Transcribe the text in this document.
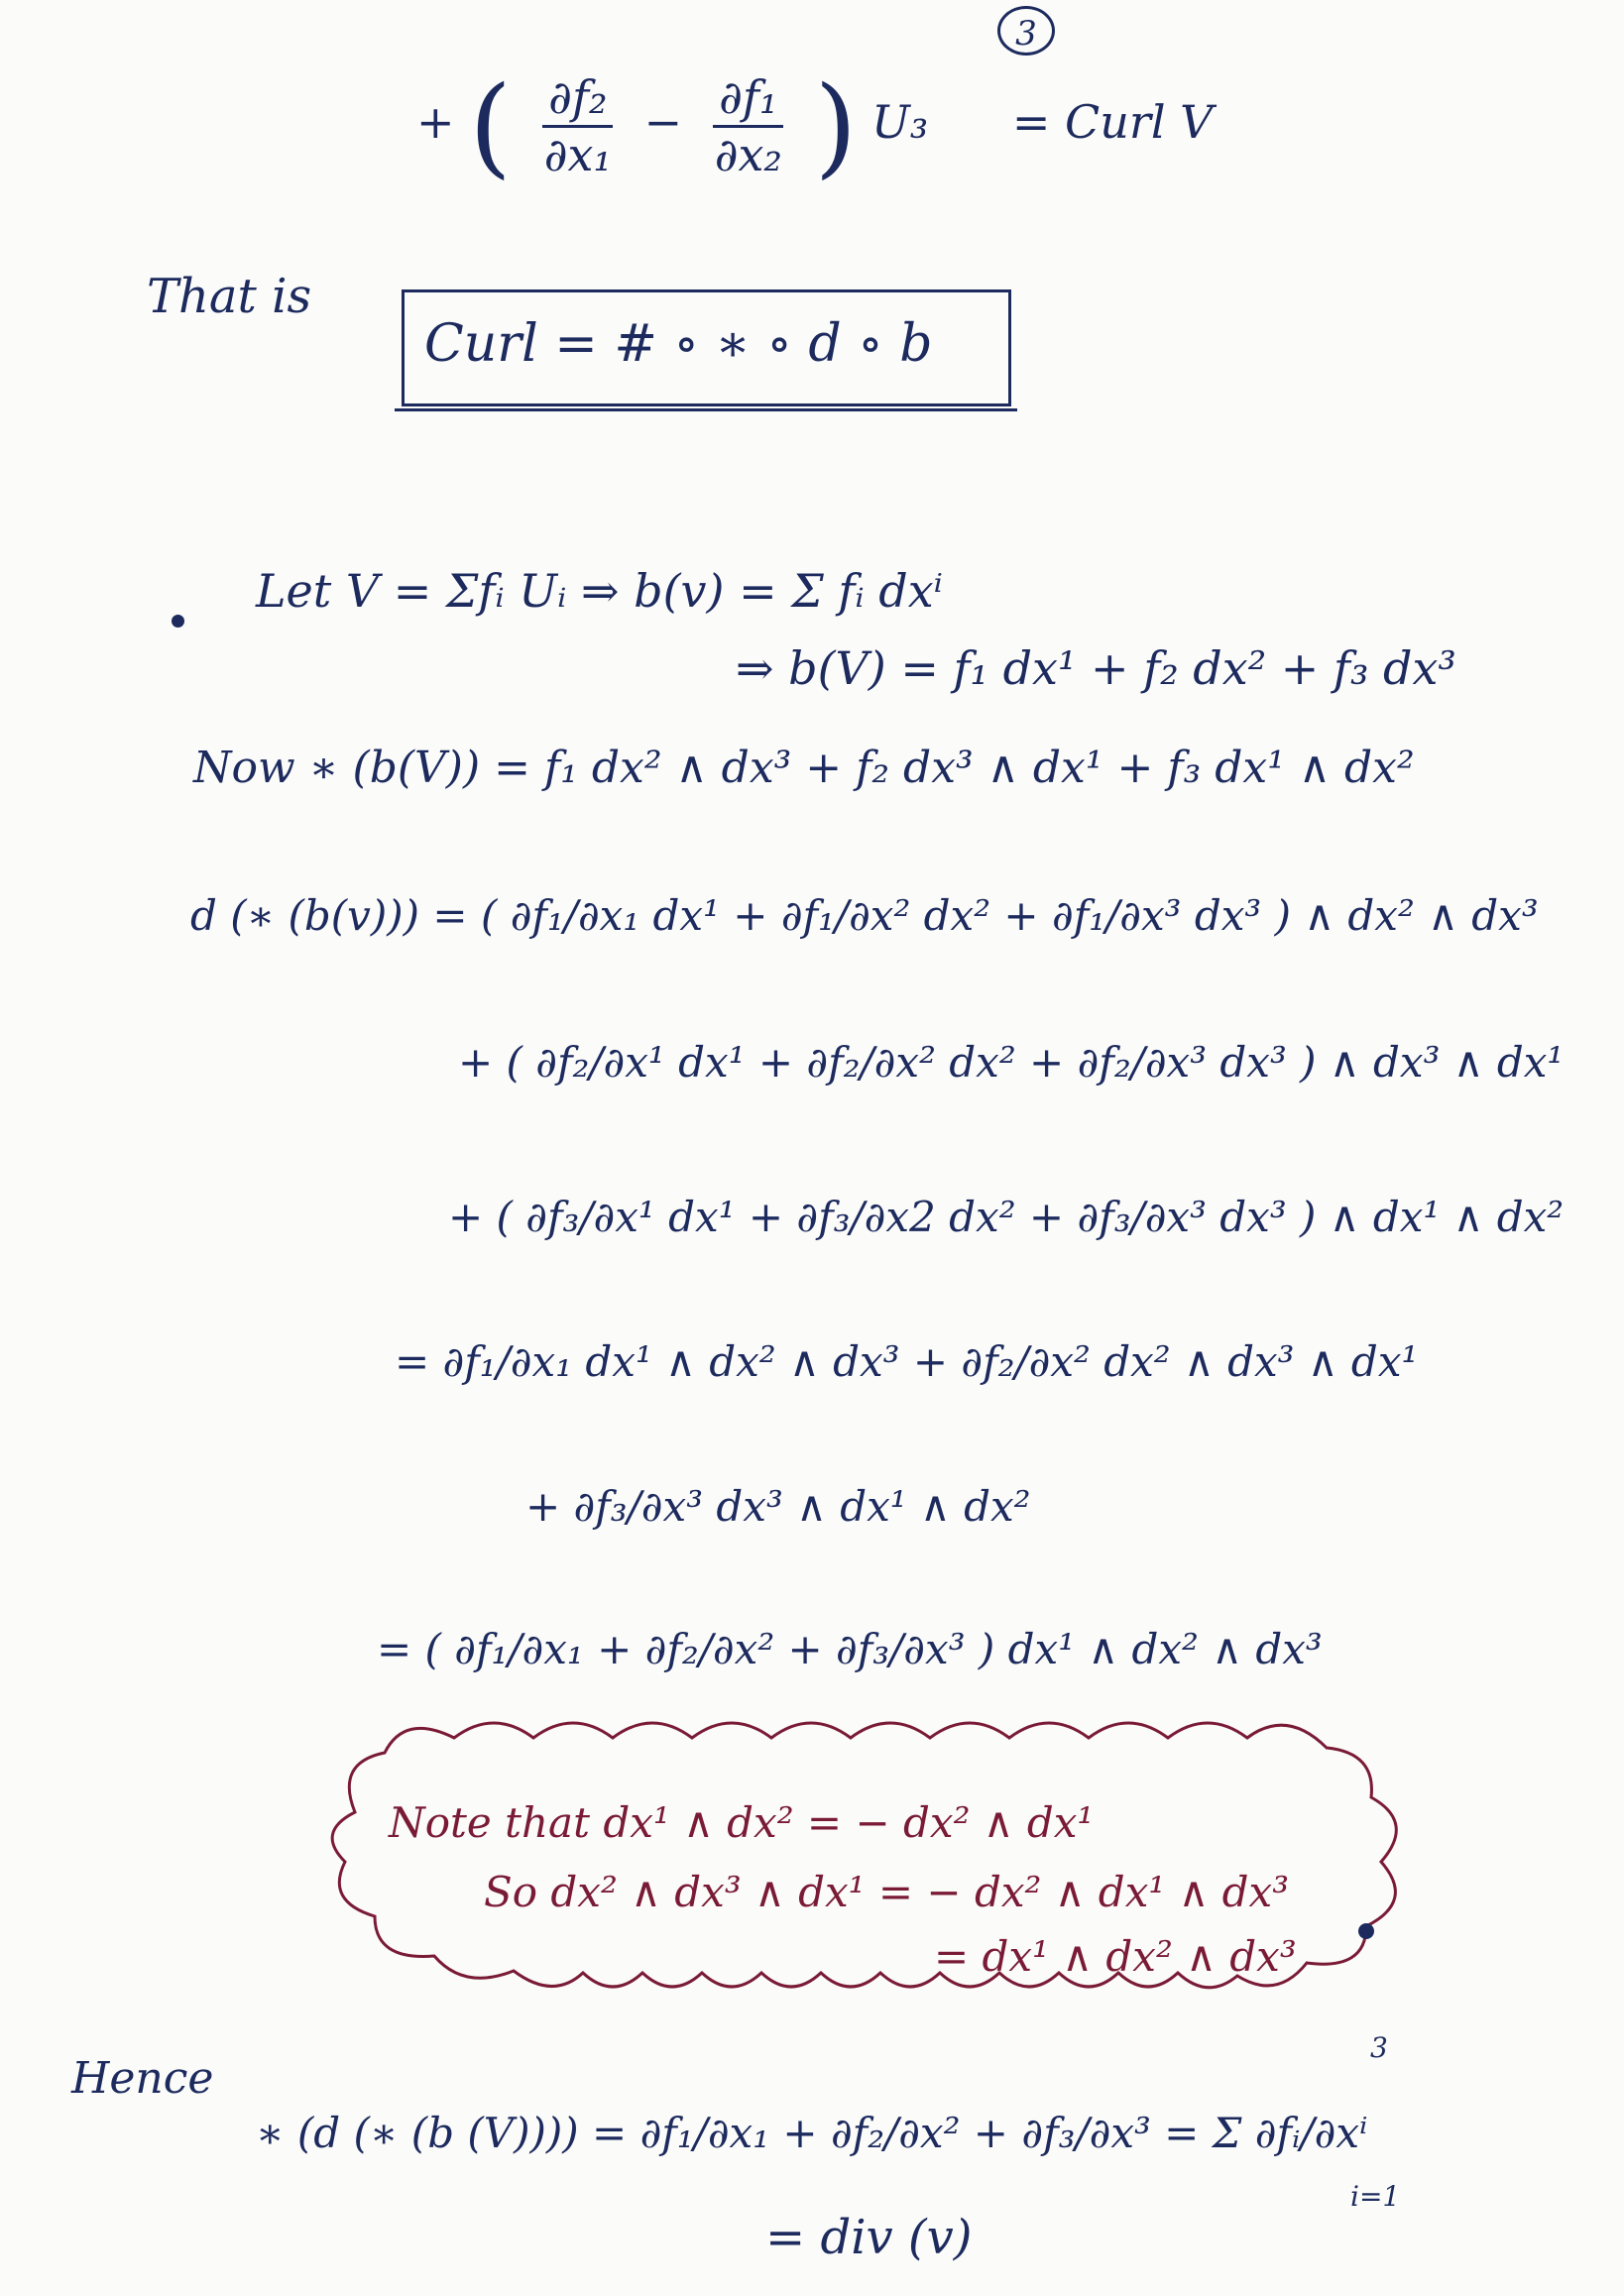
3
+ ( $\frac{\text{∂f₂}}{\text{∂x₁}} - \frac{\text{∂f₁}}{\text{∂x₂}}$ ) U₃ = Curl V
That is
Curl = # ∘ ∗ ∘ d ∘ b
Let V = Σfᵢ Uᵢ ⇒ b(v) = Σ fᵢ dxⁱ
⇒ b(V) = f₁ dx¹ + f₂ dx² + f₃ dx³
Now ∗ (b(V)) = f₁ dx² ∧ dx³ + f₂ dx³ ∧ dx¹ + f₃ dx¹ ∧ dx²
d (∗ (b(v))) = ( ∂f₁/∂x₁ dx¹ + ∂f₁/∂x² dx² + ∂f₁/∂x³ dx³ ) ∧ dx² ∧ dx³
+ ( ∂f₂/∂x¹ dx¹ + ∂f₂/∂x² dx² + ∂f₂/∂x³ dx³ ) ∧ dx³ ∧ dx¹
+ ( ∂f₃/∂x¹ dx¹ + ∂f₃/∂x2 dx² + ∂f₃/∂x³ dx³ ) ∧ dx¹ ∧ dx²
= ∂f₁/∂x₁ dx¹ ∧ dx² ∧ dx³ + ∂f₂/∂x² dx² ∧ dx³ ∧ dx¹
+ ∂f₃/∂x³ dx³ ∧ dx¹ ∧ dx²
= ( ∂f₁/∂x₁ + ∂f₂/∂x² + ∂f₃/∂x³ ) dx¹ ∧ dx² ∧ dx³
Note that dx¹ ∧ dx² = − dx² ∧ dx¹
So dx² ∧ dx³ ∧ dx¹ = − dx² ∧ dx¹ ∧ dx³
= dx¹ ∧ dx² ∧ dx³
Hence
∗ (d (∗ (b (V)))) = ∂f₁/∂x₁ + ∂f₂/∂x² + ∂f₃/∂x³ = Σ ∂fᵢ/∂xⁱ
3
i=1
= div (v)
